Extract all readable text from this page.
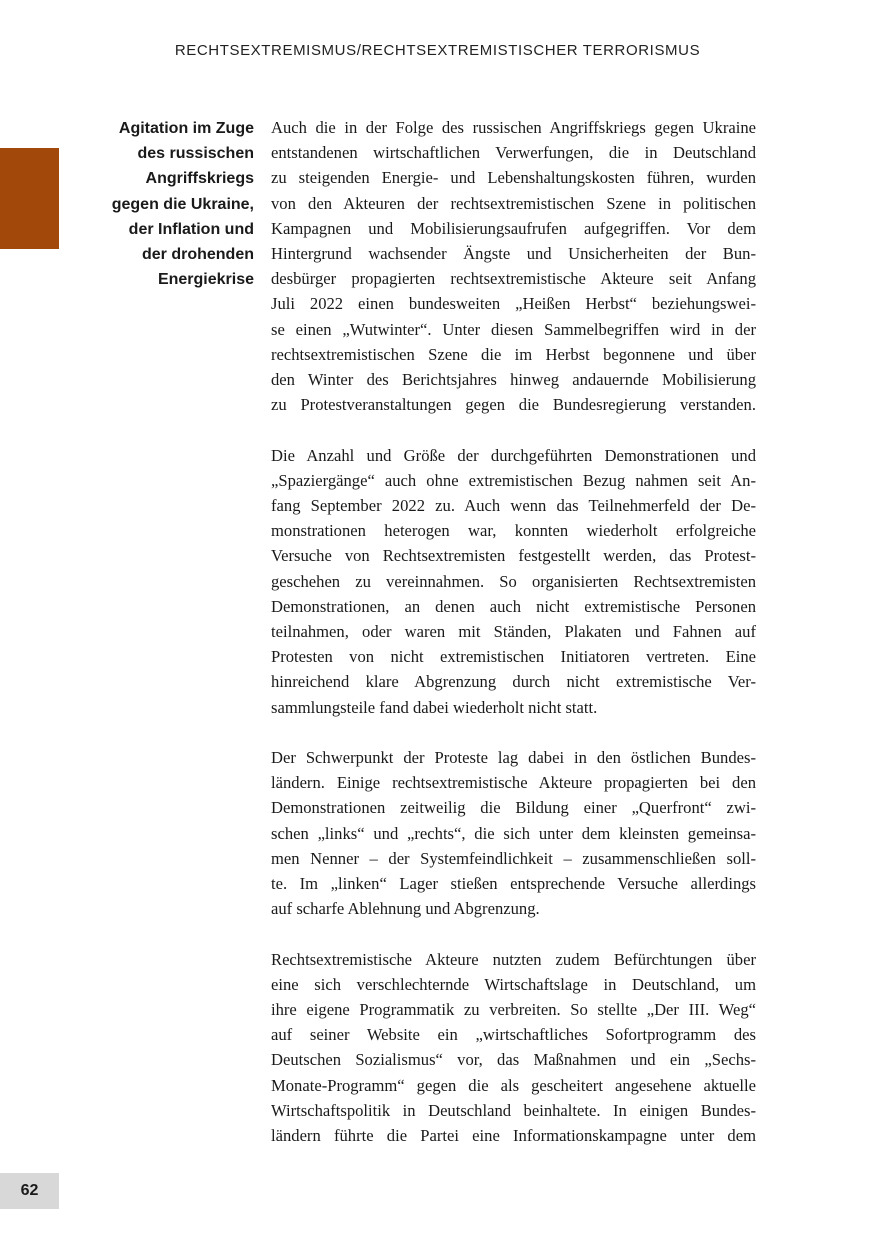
RECHTSEXTREMISMUS/RECHTSEXTREMISTISCHER TERRORISMUS
Agitation im Zuge
des russischen
Angriffskriegs
gegen die Ukraine,
der Inflation und
der drohenden
Energiekrise

Auch die in der Folge des russischen Angriffskriegs gegen Ukraine
entstandenen wirtschaftlichen Verwerfungen, die in Deutschland
zu steigenden Energie- und Lebenshaltungskosten führen, wurden
von den Akteuren der rechtsextremistischen Szene in politischen
Kampagnen und Mobilisierungsaufrufen aufgegriffen. Vor dem
Hintergrund wachsender Ängste und Unsicherheiten der Bun-
desbürger propagierten rechtsextremistische Akteure seit Anfang
Juli 2022 einen bundesweiten „Heißen Herbst“ beziehungswei-
se einen „Wutwinter“. Unter diesen Sammelbegriffen wird in der
rechtsextremistischen Szene die im Herbst begonnene und über
den Winter des Berichtsjahres hinweg andauernde Mobilisierung
zu Protestveranstaltungen gegen die Bundesregierung verstanden.

Die Anzahl und Größe der durchgeführten Demonstrationen und
„Spaziergänge“ auch ohne extremistischen Bezug nahmen seit An-
fang September 2022 zu. Auch wenn das Teilnehmerfeld der De-
monstrationen heterogen war, konnten wiederholt erfolgreiche
Versuche von Rechtsextremisten festgestellt werden, das Protest-
geschehen zu vereinnahmen. So organisierten Rechtsextremisten
Demonstrationen, an denen auch nicht extremistische Personen
teilnahmen, oder waren mit Ständen, Plakaten und Fahnen auf
Protesten von nicht extremistischen Initiatoren vertreten. Eine
hinreichend klare Abgrenzung durch nicht extremistische Ver-
sammlungsteile fand dabei wiederholt nicht statt.

Der Schwerpunkt der Proteste lag dabei in den östlichen Bundes-
ländern. Einige rechtsextremistische Akteure propagierten bei den
Demonstrationen zeitweilig die Bildung einer „Querfront“ zwi-
schen „links“ und „rechts“, die sich unter dem kleinsten gemeinsa-
men Nenner – der Systemfeindlichkeit – zusammenschließen soll-
te. Im „linken“ Lager stießen entsprechende Versuche allerdings
auf scharfe Ablehnung und Abgrenzung.

Rechtsextremistische Akteure nutzten zudem Befürchtungen über
eine sich verschlechternde Wirtschaftslage in Deutschland, um
ihre eigene Programmatik zu verbreiten. So stellte „Der III. Weg“
auf seiner Website ein „wirtschaftliches Sofortprogramm des
Deutschen Sozialismus“ vor, das Maßnahmen und ein „Sechs-
Monate-Programm“ gegen die als gescheitert angesehene aktuelle
Wirtschaftspolitik in Deutschland beinhaltete. In einigen Bundes-
ländern führte die Partei eine Informationskampagne unter dem

62
